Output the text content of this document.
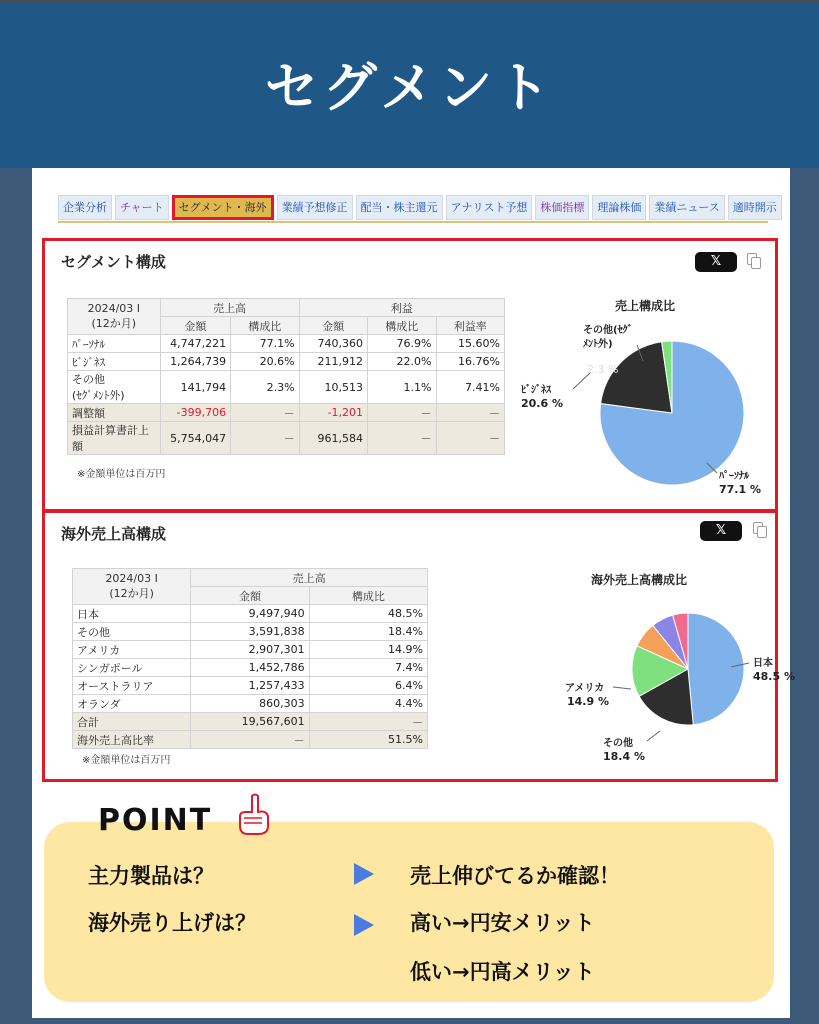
セグメント
企業分析	チャート	セグメント・海外	業績予想修正	配当・株主還元	アナリスト予想	株価指標	理論株価	業績ニュース	適時開示
セグメント構成	𝕏
2024/03 I
(12か月)	売上高		利益		
	金額	構成比	金額	構成比	利益率
ﾊﾟｰｿﾅﾙ	4,747,221	77.1%	740,360	76.9%	15.60%
ﾋﾞｼﾞﾈｽ	1,264,739	20.6%	211,912	22.0%	16.76%
その他
(ｾｸﾞﾒﾝﾄ外)	141,794	2.3%	10,513	1.1%	7.41%
調整額	-399,706	－	-1,201	－	－
損益計算書計上
額	5,754,047	－	961,584	－	－
※金額単位は百万円
売上構成比
その他(ｾｸﾞ
ﾒﾝﾄ外)
2.3 %
ﾋﾞｼﾞﾈｽ
20.6 %
ﾊﾟｰｿﾅﾙ
77.1 %
海外売上高構成	𝕏
2024/03 I
(12か月)	売上高	
	金額	構成比
日本	9,497,940	48.5%
その他	3,591,838	18.4%
アメリカ	2,907,301	14.9%
シンガポール	1,452,786	7.4%
オーストラリア	1,257,433	6.4%
オランダ	860,303	4.4%
合計	19,567,601	－
海外売上高比率	－	51.5%
※金額単位は百万円
海外売上高構成比
日本
48.5 %
アメリカ
14.9 %
その他
18.4 %
主力製品は？	売上伸びてるか確認！
海外売り上げは？	高い→円安メリット
低い→円高メリット
POINT
